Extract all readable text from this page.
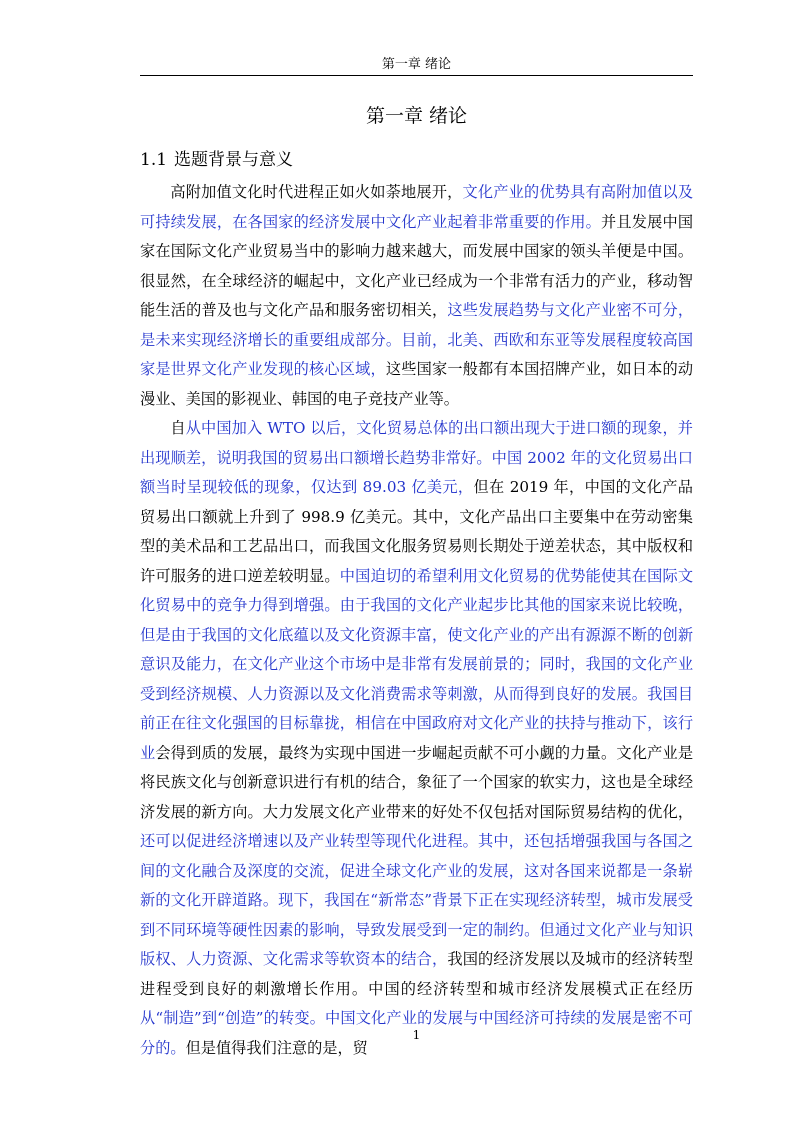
第一章 绪论
第一章 绪论
1.1 选题背景与意义

高附加值文化时代进程正如火如荼地展开，文化产业的优势具有高附加值以及可持续发展，在各国家的经济发展中文化产业起着非常重要的作用。并且发展中国家在国际文化产业贸易当中的影响力越来越大，而发展中国家的领头羊便是中国。很显然，在全球经济的崛起中，文化产业已经成为一个非常有活力的产业，移动智能生活的普及也与文化产品和服务密切相关，这些发展趋势与文化产业密不可分，是未来实现经济增长的重要组成部分。目前，北美、西欧和东亚等发展程度较高国家是世界文化产业发现的核心区域，这些国家一般都有本国招牌产业，如日本的动漫业、美国的影视业、韩国的电子竞技产业等。

自从中国加入 WTO 以后，文化贸易总体的出口额出现大于进口额的现象，并出现顺差，说明我国的贸易出口额增长趋势非常好。中国 2002 年的文化贸易出口额当时呈现较低的现象，仅达到 89.03 亿美元，但在 2019 年，中国的文化产品贸易出口额就上升到了 998.9 亿美元。其中，文化产品出口主要集中在劳动密集型的美术品和工艺品出口，而我国文化服务贸易则长期处于逆差状态，其中版权和许可服务的进口逆差较明显。中国迫切的希望利用文化贸易的优势能使其在国际文化贸易中的竞争力得到增强。由于我国的文化产业起步比其他的国家来说比较晚，但是由于我国的文化底蕴以及文化资源丰富，使文化产业的产出有源源不断的创新意识及能力，在文化产业这个市场中是非常有发展前景的；同时，我国的文化产业受到经济规模、人力资源以及文化消费需求等刺激，从而得到良好的发展。我国目前正在往文化强国的目标靠拢，相信在中国政府对文化产业的扶持与推动下，该行业会得到质的发展，最终为实现中国进一步崛起贡献不可小觑的力量。文化产业是将民族文化与创新意识进行有机的结合，象征了一个国家的软实力，这也是全球经济发展的新方向。大力发展文化产业带来的好处不仅包括对国际贸易结构的优化，还可以促进经济增速以及产业转型等现代化进程。其中，还包括增强我国与各国之间的文化融合及深度的交流，促进全球文化产业的发展，这对各国来说都是一条崭新的文化开辟道路。现下，我国在“新常态”背景下正在实现经济转型，城市发展受到不同环境等硬性因素的影响，导致发展受到一定的制约。但通过文化产业与知识版权、人力资源、文化需求等软资本的结合，我国的经济发展以及城市的经济转型进程受到良好的刺激增长作用。中国的经济转型和城市经济发展模式正在经历从“制造”到“创造”的转变。中国文化产业的发展与中国经济可持续的发展是密不可分的。但是值得我们注意的是，贸

1
